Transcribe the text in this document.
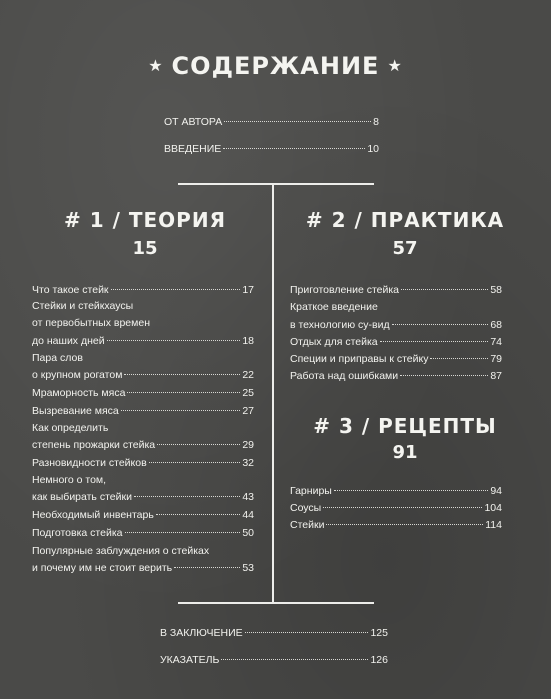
★ СОДЕРЖАНИЕ ★
ОТ АВТОРА	8
ВВЕДЕНИЕ	10
# 1 / ТЕОРИЯ
15
Что такое стейк	17
Стейки и стейкхаусы
от первобытных времен
до наших дней	18
Пара слов
о крупном рогатом	22
Мраморность мяса	25
Вызревание мяса	27
Как определить
степень прожарки стейка	29
Разновидности стейков	32
Немного о том,
как выбирать стейки	43
Необходимый инвентарь	44
Подготовка стейка	50
Популярные заблуждения о стейках
и почему им не стоит верить	53
# 2 / ПРАКТИКА
57
Приготовление стейка	58
Краткое введение
в технологию су-вид	68
Отдых для стейка	74
Специи и приправы к стейку	79
Работа над ошибками	87
# 3 / РЕЦЕПТЫ
91
Гарниры	94
Соусы	104
Стейки	114
В ЗАКЛЮЧЕНИЕ	125
УКАЗАТЕЛЬ	126
